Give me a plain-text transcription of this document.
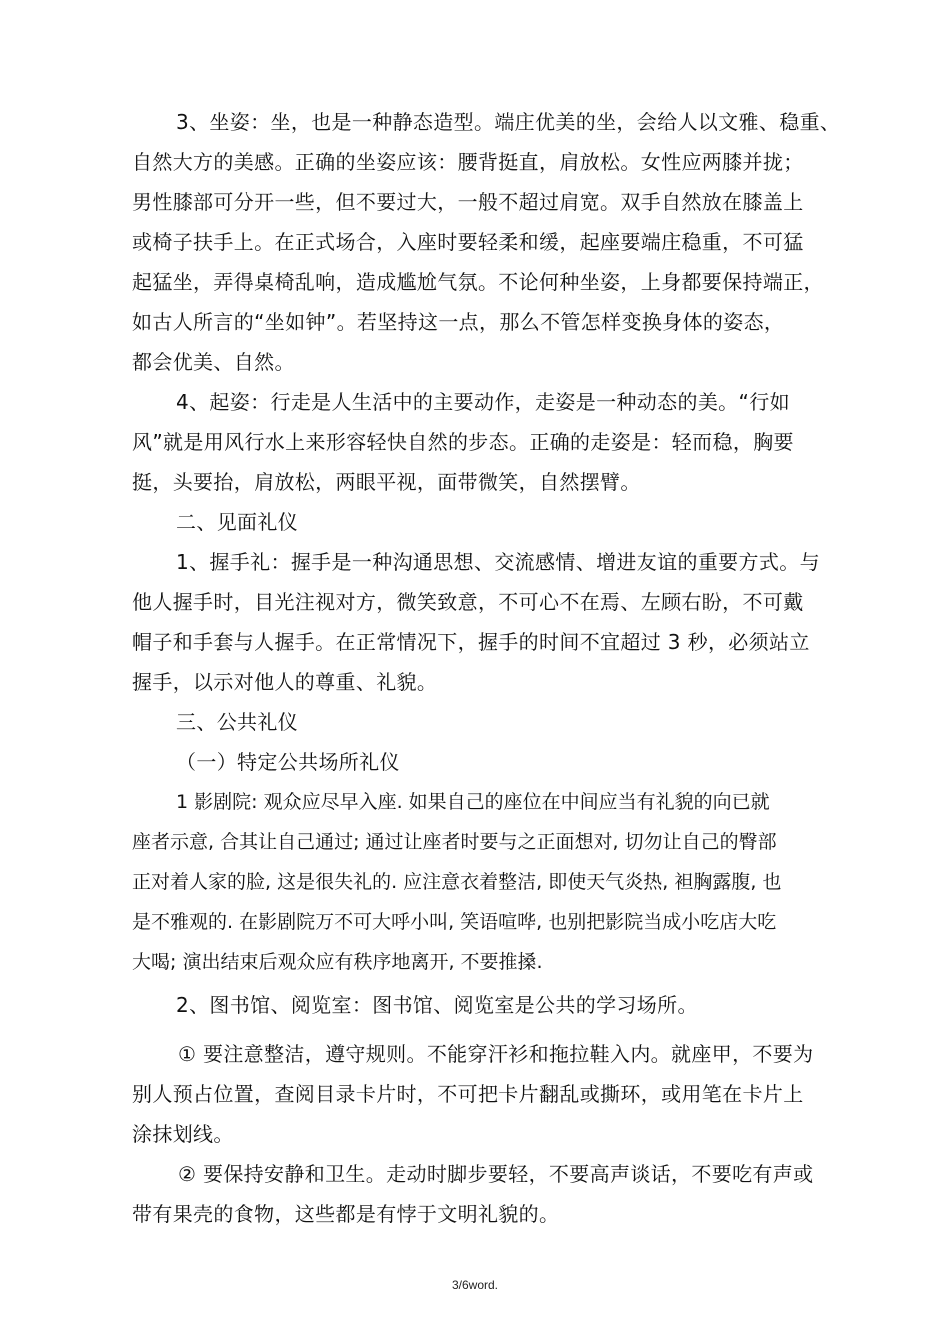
3、坐姿：坐，也是一种静态造型。端庄优美的坐，会给人以文雅、稳重、

自然大方的美感。正确的坐姿应该：腰背挺直，肩放松。女性应两膝并拢；

男性膝部可分开一些，但不要过大，一般不超过肩宽。双手自然放在膝盖上

或椅子扶手上。在正式场合，入座时要轻柔和缓，起座要端庄稳重，不可猛

起猛坐，弄得桌椅乱响，造成尴尬气氛。不论何种坐姿，上身都要保持端正，

如古人所言的“坐如钟”。若坚持这一点，那么不管怎样变换身体的姿态，

都会优美、自然。

4、起姿：行走是人生活中的主要动作，走姿是一种动态的美。“行如

风”就是用风行水上来形容轻快自然的步态。正确的走姿是：轻而稳，胸要

挺，头要抬，肩放松，两眼平视，面带微笑，自然摆臂。

二、见面礼仪

1、握手礼：握手是一种沟通思想、交流感情、增进友谊的重要方式。与

他人握手时，目光注视对方，微笑致意，不可心不在焉、左顾右盼，不可戴

帽子和手套与人握手。在正常情况下，握手的时间不宜超过 3 秒，必须站立

握手，以示对他人的尊重、礼貌。

三、公共礼仪

（一）特定公共场所礼仪

1 影剧院: 观众应尽早入座. 如果自己的座位在中间应当有礼貌的向已就

座者示意, 合其让自己通过; 通过让座者时要与之正面想对, 切勿让自己的臀部

正对着人家的脸, 这是很失礼的. 应注意衣着整洁, 即使天气炎热, 袒胸露腹, 也

是不雅观的. 在影剧院万不可大呼小叫, 笑语喧哗, 也别把影院当成小吃店大吃

大喝; 演出结束后观众应有秩序地离开, 不要推搡.

2、图书馆、阅览室：图书馆、阅览室是公共的学习场所。

① 要注意整洁，遵守规则。不能穿汗衫和拖拉鞋入内。就座甲，不要为

别人预占位置，查阅目录卡片时，不可把卡片翻乱或撕环，或用笔在卡片上

涂抹划线。

② 要保持安静和卫生。走动时脚步要轻，不要高声谈话，不要吃有声或

带有果壳的食物，这些都是有悖于文明礼貌的。

3/6word.
